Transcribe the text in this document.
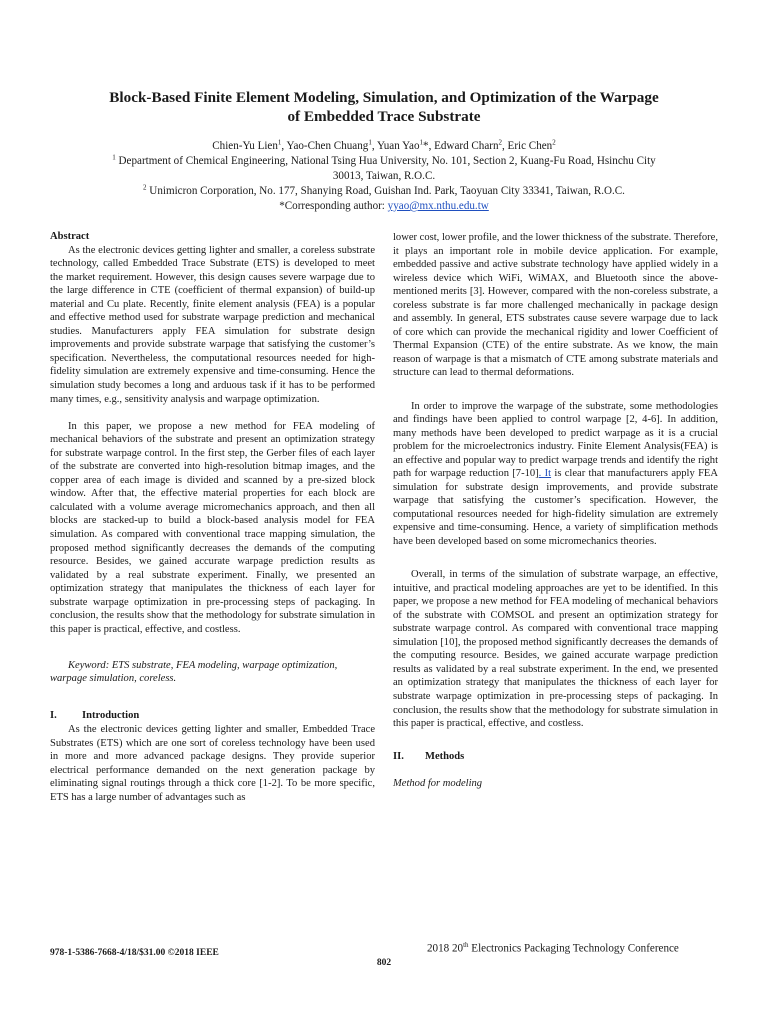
Block-Based Finite Element Modeling, Simulation, and Optimization of the Warpage
of Embedded Trace Substrate
Chien-Yu Lien$^1$, Yao-Chen Chuang$^1$, Yuan Yao$^1$*, Edward Charn$^2$, Eric Chen$^2$
$^1$ Department of Chemical Engineering, National Tsing Hua University, No. 101, Section 2, Kuang-Fu Road, Hsinchu City
30013, Taiwan, R.O.C.
$^2$ Unimicron Corporation, No. 177, Shanying Road, Guishan Ind. Park, Taoyuan City 33341, Taiwan, R.O.C.
*Corresponding author: yyao@mx.nthu.edu.tw
Abstract

As the electronic devices getting lighter and smaller, a coreless substrate technology, called Embedded Trace Substrate (ETS) is developed to meet the market requirement. However, this design causes severe warpage due to the large difference in CTE (coefficient of thermal expansion) of build-up material and Cu plate. Recently, finite element analysis (FEA) is a popular and effective method used for substrate warpage prediction and mechanical studies. Manufacturers apply FEA simulation for substrate design improvements and provide substrate warpage that satisfying the customer’s specification. Nevertheless, the computational resources needed for high-fidelity simulation are extremely expensive and time-consuming. Hence the simulation study becomes a long and arduous task if it has to be performed many times, e.g., sensitivity analysis and warpage optimization.

In this paper, we propose a new method for FEA modeling of mechanical behaviors of the substrate and present an optimization strategy for substrate warpage control. In the first step, the Gerber files of each layer of the substrate are converted into high-resolution bitmap images, and the copper area of each image is divided and scanned by a pre-sized block window. After that, the effective material properties for each block are calculated with a volume average micromechanics approach, and then all blocks are stacked-up to build a block-based analysis model for FEA simulation. As compared with conventional trace mapping simulation, the proposed method significantly decreases the demands of the computing resource. Besides, we gained accurate warpage prediction results as validated by a real substrate experiment. Finally, we presented an optimization strategy that manipulates the thickness of each layer for substrate warpage optimization in pre-processing steps of packaging. In conclusion, the results show that the methodology for substrate simulation in this paper is practical, effective, and costless.

Keyword: ETS substrate, FEA modeling, warpage optimization, warpage simulation, coreless.

I. Introduction

As the electronic devices getting lighter and smaller, Embedded Trace Substrates (ETS) which are one sort of coreless technology have been used in more and more advanced package designs. They provide superior electrical performance demanded on the next generation package by eliminating signal routings through a thick core [1-2]. To be more specific, ETS has a large number of advantages such as

lower cost, lower profile, and the lower thickness of the substrate. Therefore, it plays an important role in mobile device application. For example, embedded passive and active substrate technology have applied widely in a wireless device which WiFi, WiMAX, and Bluetooth since the above-mentioned merits [3]. However, compared with the non-coreless substrate, a coreless substrate is far more challenged mechanically in package design and assembly. In general, ETS substrates cause severe warpage due to lack of core which can provide the mechanical rigidity and lower Coefficient of Thermal Expansion (CTE) of the entire substrate. As we know, the main reason of warpage is that a mismatch of CTE among substrate materials and structure can lead to thermal deformations.

In order to improve the warpage of the substrate, some methodologies and findings have been applied to control warpage [2, 4-6]. In addition, many methods have been developed to predict warpage as it is a crucial problem for the microelectronics industry. Finite Element Analysis(FEA) is an effective and popular way to predict warpage trends and identify the right path for warpage reduction [7-10]. It is clear that manufacturers apply FEA simulation for substrate design improvements, and provide substrate warpage that satisfying the customer’s specification. However, the computational resources needed for high-fidelity simulation are extremely expensive and time-consuming. Hence, a variety of simplification methods have been developed based on some micromechanics theories.

Overall, in terms of the simulation of substrate warpage, an effective, intuitive, and practical modeling approaches are yet to be identified. In this paper, we propose a new method for FEA modeling of mechanical behaviors of the substrate with COMSOL and present an optimization strategy for substrate warpage control. As compared with conventional trace mapping simulation [10], the proposed method significantly decreases the demands of the computing resource. Besides, we gained accurate warpage prediction results as validated by a real substrate experiment. In the end, we presented an optimization strategy that manipulates the thickness of each layer for substrate warpage optimization in pre-processing steps of packaging. In conclusion, the results show that the methodology for substrate simulation in this paper is practical, effective, and costless.

II. Methods
Method for modeling
2018 20th Electronics Packaging Technology Conference
978-1-5386-7668-4/18/$31.00 ©2018 IEEE
802
